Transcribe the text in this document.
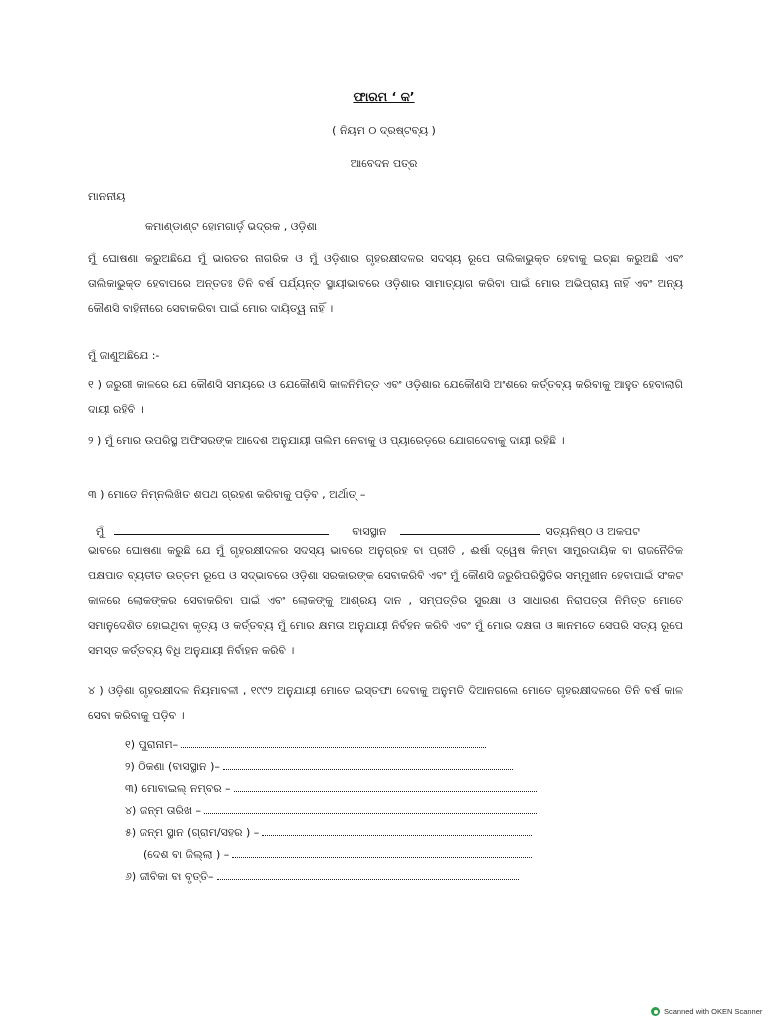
ଫାରମ ‘ କ’
( ନିୟମ ୦ ଦ୍ରଷ୍ଟବ୍ୟ )
ଆବେଦନ ପତ୍ର
ମାନନୀୟ
କମାଣ୍ଡାଣ୍ଟ ହୋମଗାର୍ଡ଼ ଭଦ୍ରକ , ଓଡ଼ିଶା
ମୁଁ ଘୋଷଣା କରୁଅଛିଯେ ମୁଁ ଭାରତର ନାଗରିକ ଓ ମୁଁ ଓଡ଼ିଶାର ଗୃହରକ୍ଷୀଦଳର ସଦସ୍ୟ ରୂପେ ତାଲିକାଭୁକ୍ତ ହେବାକୁ ଇଚ୍ଛା କରୁଅଛି ଏବଂ ତାଲିକାଭୁକ୍ତ ହେବାପରେ ଅନ୍ତତଃ ତିନି ବର୍ଷ ପର୍ଯ୍ୟନ୍ତ ସ୍ଥାୟୀଭାବରେ ଓଡ଼ିଶାର ସାମାତ୍ୟାଗ କରିବା ପାଇଁ ମୋର ଅଭିପ୍ରାୟ ନାହିଁ ଏବଂ ଅନ୍ୟ କୌଣସି ବାହିନୀରେ ସେବାକରିବା ପାଇଁ ମୋର ଦାୟିତ୍ୱ ନାହିଁ ।
ମୁଁ ଜାଣୁଅଛିଯେ :-
୧ ) ଜରୁରୀ କାଳରେ ଯେ କୌଣସି ସମୟରେ ଓ ଯେକୌଣସି କାଳନିମିତ୍ତ ଏବଂ ଓଡ଼ିଶାର ଯେକୌଣସି ଅଂଶରେ କର୍ତ୍ତବ୍ୟ କରିବାକୁ ଆହୁତ ହେବାଲାଗି ଦାୟୀ ରହିବି ।
୨ ) ମୁଁ ମୋର ଉପରିସ୍ଥ ଅଫିସରଙ୍କ ଆଦେଶ ଅନୁଯାୟୀ ତାଲିମ ନେବାକୁ ଓ ପ୍ୟାରେଡ଼ରେ ଯୋଗଦେବାକୁ ଦାୟୀ ରହିଛି ।
୩ ) ମୋତେ ନିମ୍ନଲିଖିତ ଶପଥ ଗ୍ରହଣ କରିବାକୁ ପଡ଼ିବ , ଅର୍ଥାତ୍ –
ମୁଁ	ବାସସ୍ଥାନ	ସତ୍ୟନିଷ୍ଠ ଓ ଅକପଟ
ଭାବରେ ଘୋଷଣା କରୁଛି ଯେ ମୁଁ ଗୃହରକ୍ଷୀଦଳର ସଦସ୍ୟ ଭାବରେ ଅନୁଗ୍ରହ ବା ପ୍ରୀତି , ଈର୍ଷା ଦ୍ୱେଷ କିମ୍ବା ସାମ୍ପ୍ରଦାୟିକ ବା ରାଜନୈତିକ ପକ୍ଷପାତ ବ୍ୟତୀତ ଉତ୍ତମ ରୂପେ ଓ ସଦ୍ଭାବରେ ଓଡ଼ିଶା ସରକାରଙ୍କ ସେବାକରିବି ଏବଂ ମୁଁ କୌଣସି ଜରୁରିପରିସ୍ଥିତିର ସମ୍ମୁଖୀନ ହେବାପାଇଁ ସଂକଟ କାଳରେ ଲୋକଙ୍କର ସେବାକରିବା ପାଇଁ ଏବଂ ଲୋକଙ୍କୁ ଆଶ୍ରୟ ଦାନ , ସମ୍ପତ୍ତିର ସୁରକ୍ଷା ଓ ସାଧାରଣ ନିରାପତ୍ତା ନିମିତ୍ତ ମୋତେ ସମାନୁଦେଶିତ ହୋଇଥିବା କୃତ୍ୟ ଓ କର୍ତ୍ତବ୍ୟ ମୁଁ ମୋର କ୍ଷମତା ଅନୁଯାୟୀ ନିର୍ବହନ କରିବି ଏବଂ ମୁଁ ମୋର ଦକ୍ଷତା ଓ ଜ୍ଞାନମତେ ସେପରି ସତ୍ୟ ରୂପେ ସମସ୍ତ କର୍ତ୍ତବ୍ୟ ବିଧି ଅନୁଯାୟୀ ନିର୍ବାହନ କରିବି ।
୪ ) ଓଡ଼ିଶା ଗୃହରକ୍ଷୀଦଳ ନିୟମାବଳୀ , ୧୯୯୨ ଅନୁଯାୟୀ ମୋତେ ଇସ୍ତଫା ଦେବାକୁ ଅନୁମତି ଦିଆନଗଲେ ମୋତେ ଗୃହରକ୍ଷୀଦଳରେ ତିନି ବର୍ଷ କାଳ ସେବା କରିବାକୁ ପଡ଼ିବ ।
୧) ପୁରାନାମ–
୨) ଠିକଣା (ବାସସ୍ଥାନ )–
୩) ମୋବାଇଲ୍ ନମ୍ବର –
୪) ଜନ୍ମ ତାରିଖ –
୫) ଜନ୍ମ ସ୍ଥାନ (ଗ୍ରାମ/ସହର ) –
(ଦେଶ ବା ଜିଲ୍ଲା ) –
୬) ଜୀବିକା ବା ବୃତ୍ତି–
Scanned with OKEN Scanner
